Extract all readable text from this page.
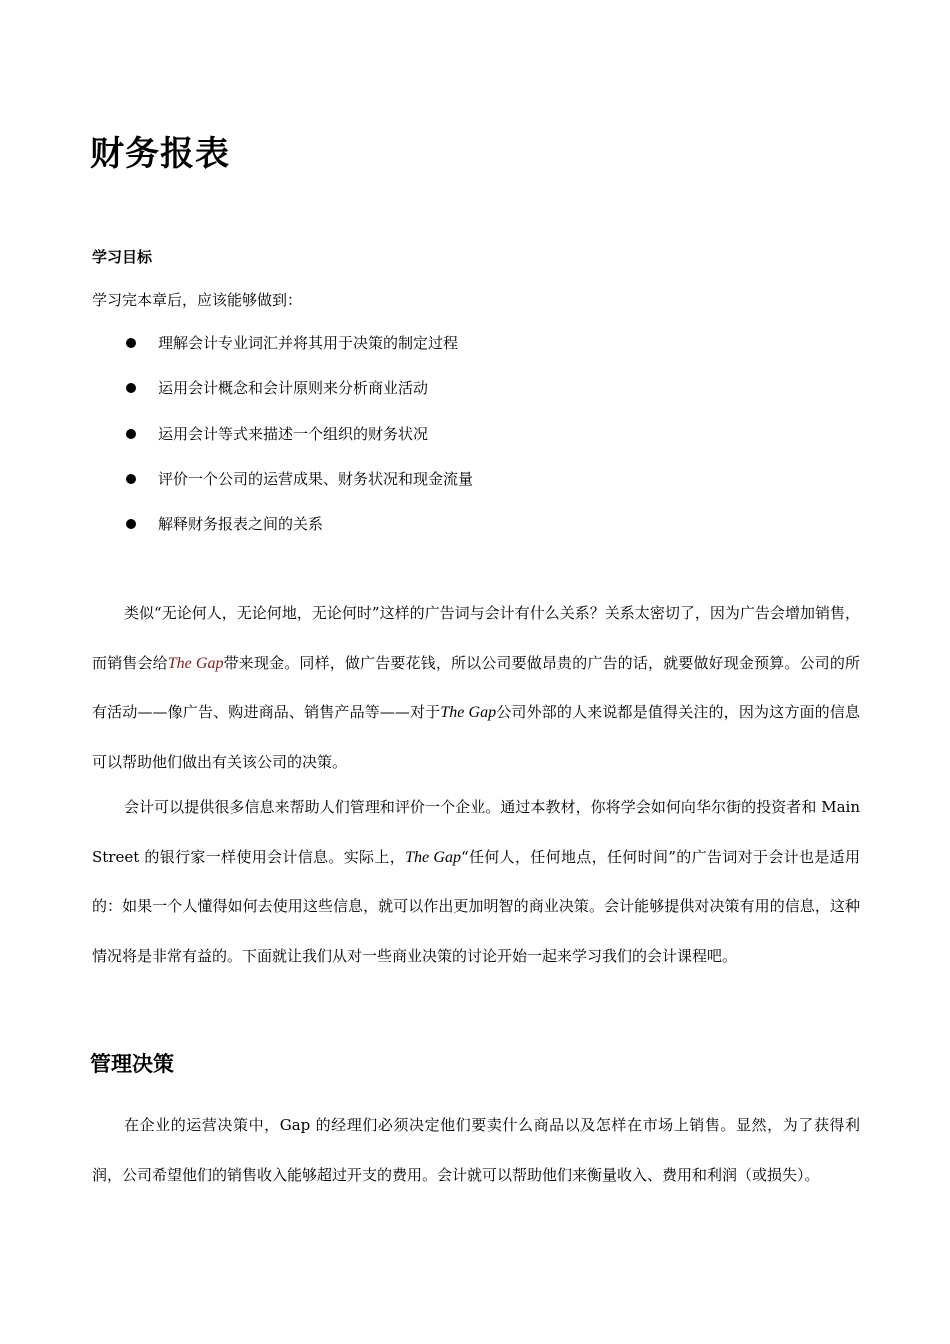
财务报表
学习目标

学习完本章后，应该能够做到：

理解会计专业词汇并将其用于决策的制定过程
运用会计概念和会计原则来分析商业活动
运用会计等式来描述一个组织的财务状况
评价一个公司的运营成果、财务状况和现金流量
解释财务报表之间的关系

类似“无论何人，无论何地，无论何时”这样的广告词与会计有什么关系？关系太密切了，因为广告会增加销售，而销售会给The Gap带来现金。同样，做广告要花钱，所以公司要做昂贵的广告的话，就要做好现金预算。公司的所有活动——像广告、购进商品、销售产品等——对于The Gap公司外部的人来说都是值得关注的，因为这方面的信息可以帮助他们做出有关该公司的决策。

会计可以提供很多信息来帮助人们管理和评价一个企业。通过本教材，你将学会如何向华尔街的投资者和 Main Street 的银行家一样使用会计信息。实际上，The Gap“任何人，任何地点，任何时间”的广告词对于会计也是适用的：如果一个人懂得如何去使用这些信息，就可以作出更加明智的商业决策。会计能够提供对决策有用的信息，这种情况将是非常有益的。下面就让我们从对一些商业决策的讨论开始一起来学习我们的会计课程吧。

管理决策

在企业的运营决策中，Gap 的经理们必须决定他们要卖什么商品以及怎样在市场上销售。显然，为了获得利润，公司希望他们的销售收入能够超过开支的费用。会计就可以帮助他们来衡量收入、费用和利润（或损失）。
